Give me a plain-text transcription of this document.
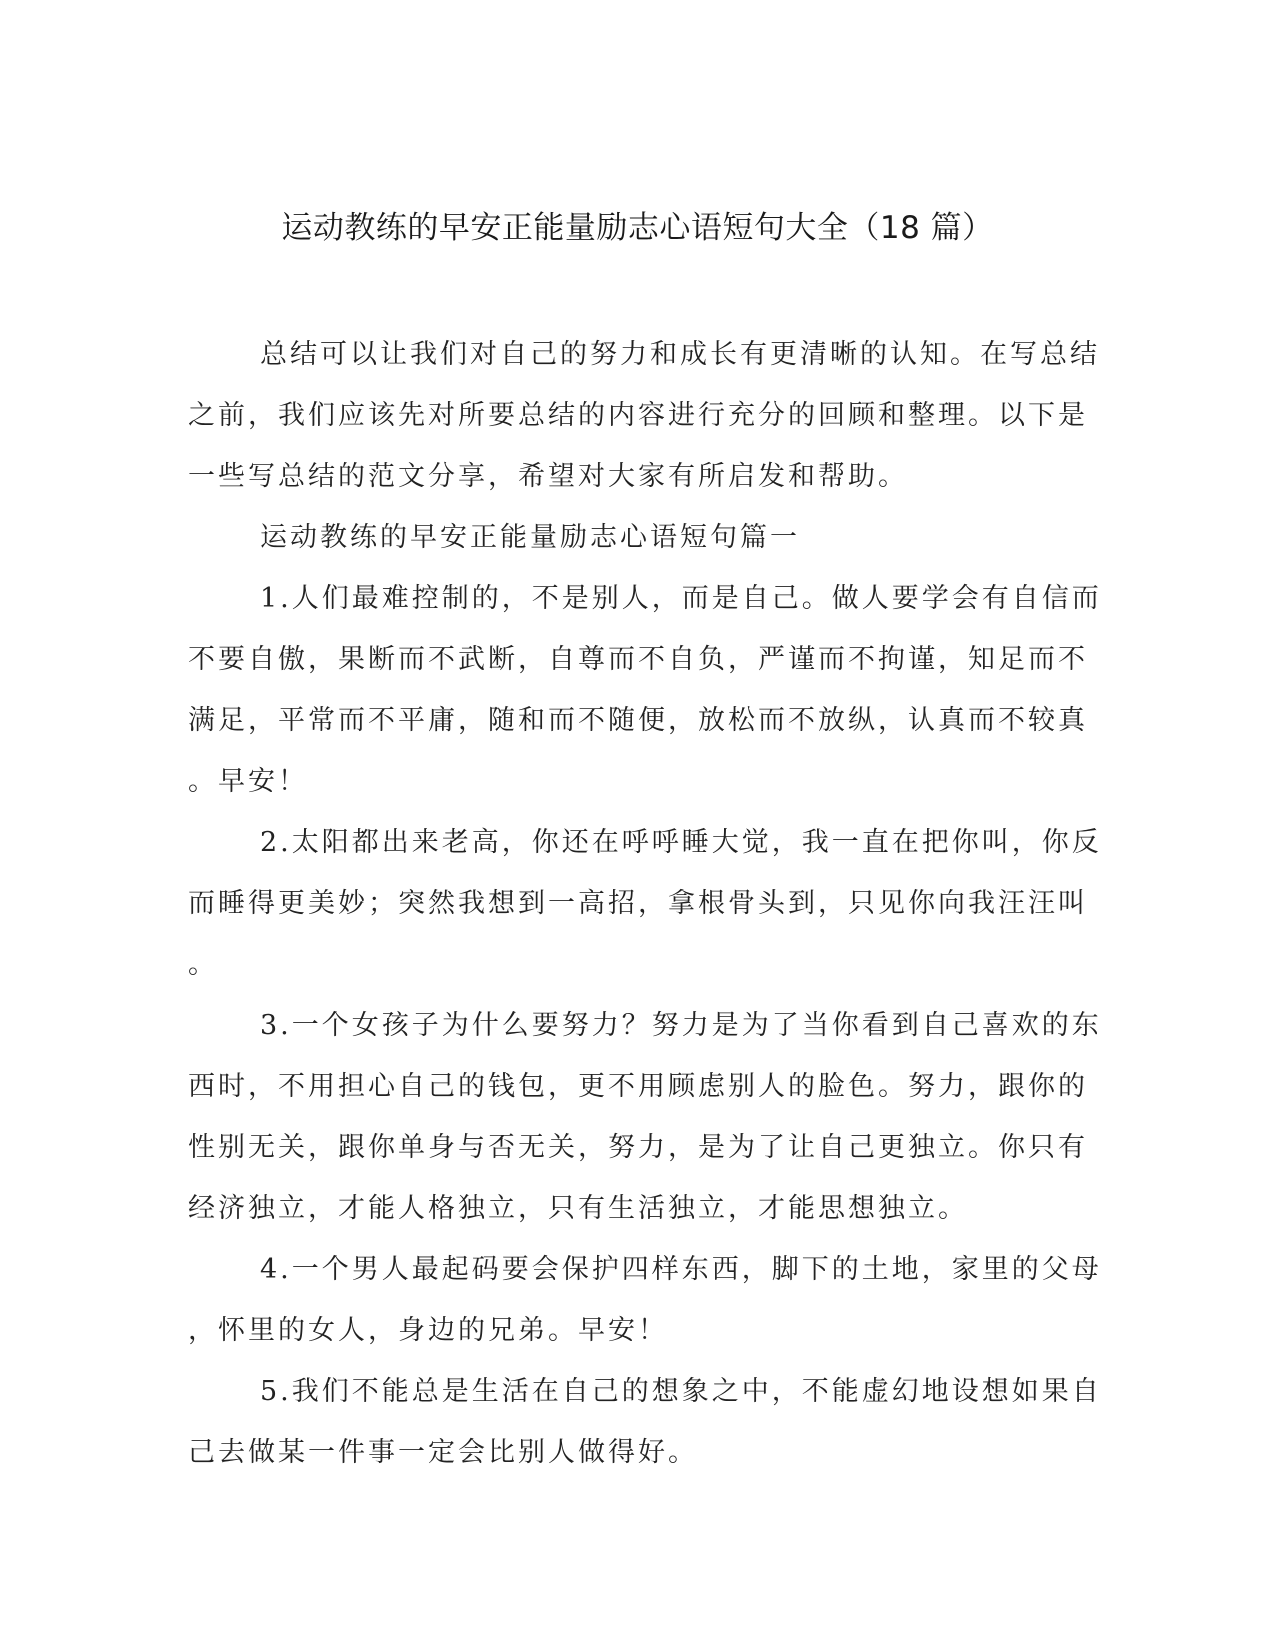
运动教练的早安正能量励志心语短句大全（18 篇）
总结可以让我们对自己的努力和成长有更清晰的认知。在写总结
之前，我们应该先对所要总结的内容进行充分的回顾和整理。以下是
一些写总结的范文分享，希望对大家有所启发和帮助。
运动教练的早安正能量励志心语短句篇一
1.人们最难控制的，不是别人，而是自己。做人要学会有自信而
不要自傲，果断而不武断，自尊而不自负，严谨而不拘谨，知足而不
满足，平常而不平庸，随和而不随便，放松而不放纵，认真而不较真
。早安！
2.太阳都出来老高，你还在呼呼睡大觉，我一直在把你叫，你反
而睡得更美妙；突然我想到一高招，拿根骨头到，只见你向我汪汪叫
。
3.一个女孩子为什么要努力？努力是为了当你看到自己喜欢的东
西时，不用担心自己的钱包，更不用顾虑别人的脸色。努力，跟你的
性别无关，跟你单身与否无关，努力，是为了让自己更独立。你只有
经济独立，才能人格独立，只有生活独立，才能思想独立。
4.一个男人最起码要会保护四样东西，脚下的土地，家里的父母
，怀里的女人，身边的兄弟。早安！
5.我们不能总是生活在自己的想象之中，不能虚幻地设想如果自
己去做某一件事一定会比别人做得好。
